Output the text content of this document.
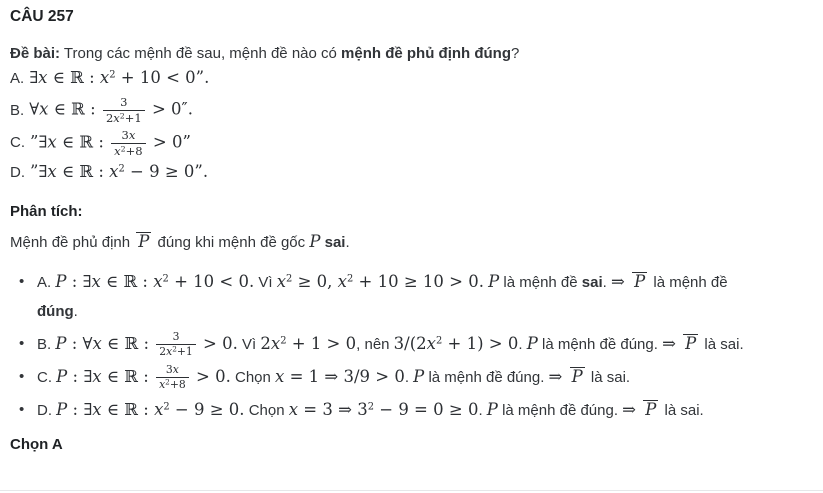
CÂU 257

Đề bài: Trong các mệnh đề sau, mệnh đề nào có mệnh đề phủ định đúng?

A. ∃x ∈ ℝ : $x^2 + 10 < 0$”.
B. ∀x ∈ ℝ : $\frac{3}{2x^2+1} > 0''$.
C. ”∃x ∈ ℝ : $\frac{3x}{x^2+8} > 0$”
D. ”∃x ∈ ℝ : $x^2 - 9 \ge 0$”.
Phân tích:

Mệnh đề phủ định P đúng khi mệnh đề gốc P sai.

• A. P : ∃x ∈ ℝ : $x^2 + 10 < 0$. Vì $x^2 \ge 0$, $x^2 + 10 \ge 10 > 0$. P là mệnh đề sai. ⇒ P là mệnh đề đúng.
• B. P : ∀x ∈ ℝ : $\frac{3}{2x^2+1} > 0$. Vì $2x^2 + 1 > 0$, nên $3/(2x^2 + 1) > 0$. P là mệnh đề đúng. ⇒ P là sai.
• C. P : ∃x ∈ ℝ : $\frac{3x}{x^2+8} > 0$. Chọn x = 1 ⇒ 3/9 > 0. P là mệnh đề đúng. ⇒ P là sai.
• D. P : ∃x ∈ ℝ : $x^2 - 9 \ge 0$. Chọn x = 3 ⇒ $3^2 - 9 = 0 \ge 0$. P là mệnh đề đúng. ⇒ P là sai.
Chọn A
